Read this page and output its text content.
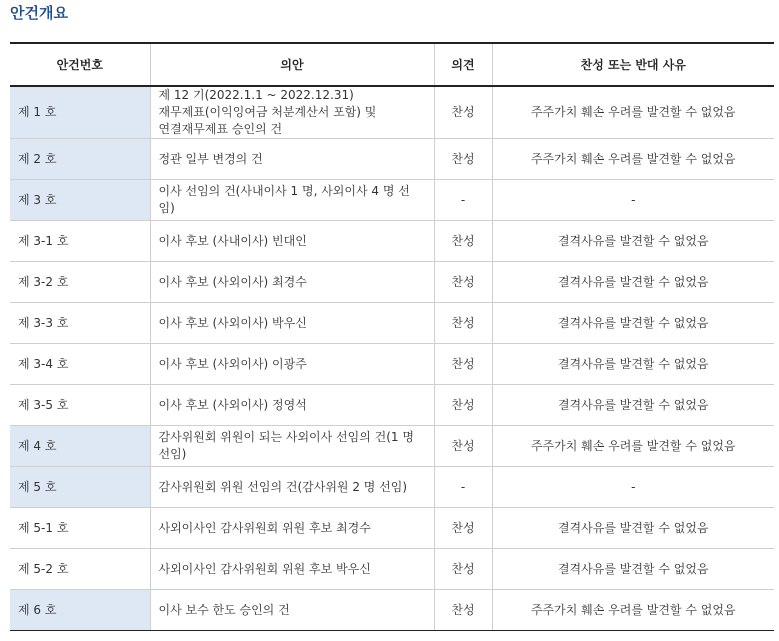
안건개요
안건번호	의안	의견	찬성 또는 반대 사유
제 1 호	제 12 기(2022.1.1 ~ 2022.12.31)
재무제표(이익잉여금 처분계산서 포함) 및
연결재무제표 승인의 건	찬성	주주가치 훼손 우려를 발견할 수 없었음
제 2 호	정관 일부 변경의 건	찬성	주주가치 훼손 우려를 발견할 수 없었음
제 3 호	이사 선임의 건(사내이사 1 명, 사외이사 4 명 선임)	-	-
제 3-1 호	이사 후보 (사내이사) 빈대인	찬성	결격사유를 발견할 수 없었음
제 3-2 호	이사 후보 (사외이사) 최경수	찬성	결격사유를 발견할 수 없었음
제 3-3 호	이사 후보 (사외이사) 박우신	찬성	결격사유를 발견할 수 없었음
제 3-4 호	이사 후보 (사외이사) 이광주	찬성	결격사유를 발견할 수 없었음
제 3-5 호	이사 후보 (사외이사) 정영석	찬성	결격사유를 발견할 수 없었음
제 4 호	감사위원회 위원이 되는 사외이사 선임의 건(1 명
선임)	찬성	주주가치 훼손 우려를 발견할 수 없었음
제 5 호	감사위원회 위원 선임의 건(감사위원 2 명 선임)	-	-
제 5-1 호	사외이사인 감사위원회 위원 후보 최경수	찬성	결격사유를 발견할 수 없었음
제 5-2 호	사외이사인 감사위원회 위원 후보 박우신	찬성	결격사유를 발견할 수 없었음
제 6 호	이사 보수 한도 승인의 건	찬성	주주가치 훼손 우려를 발견할 수 없었음
